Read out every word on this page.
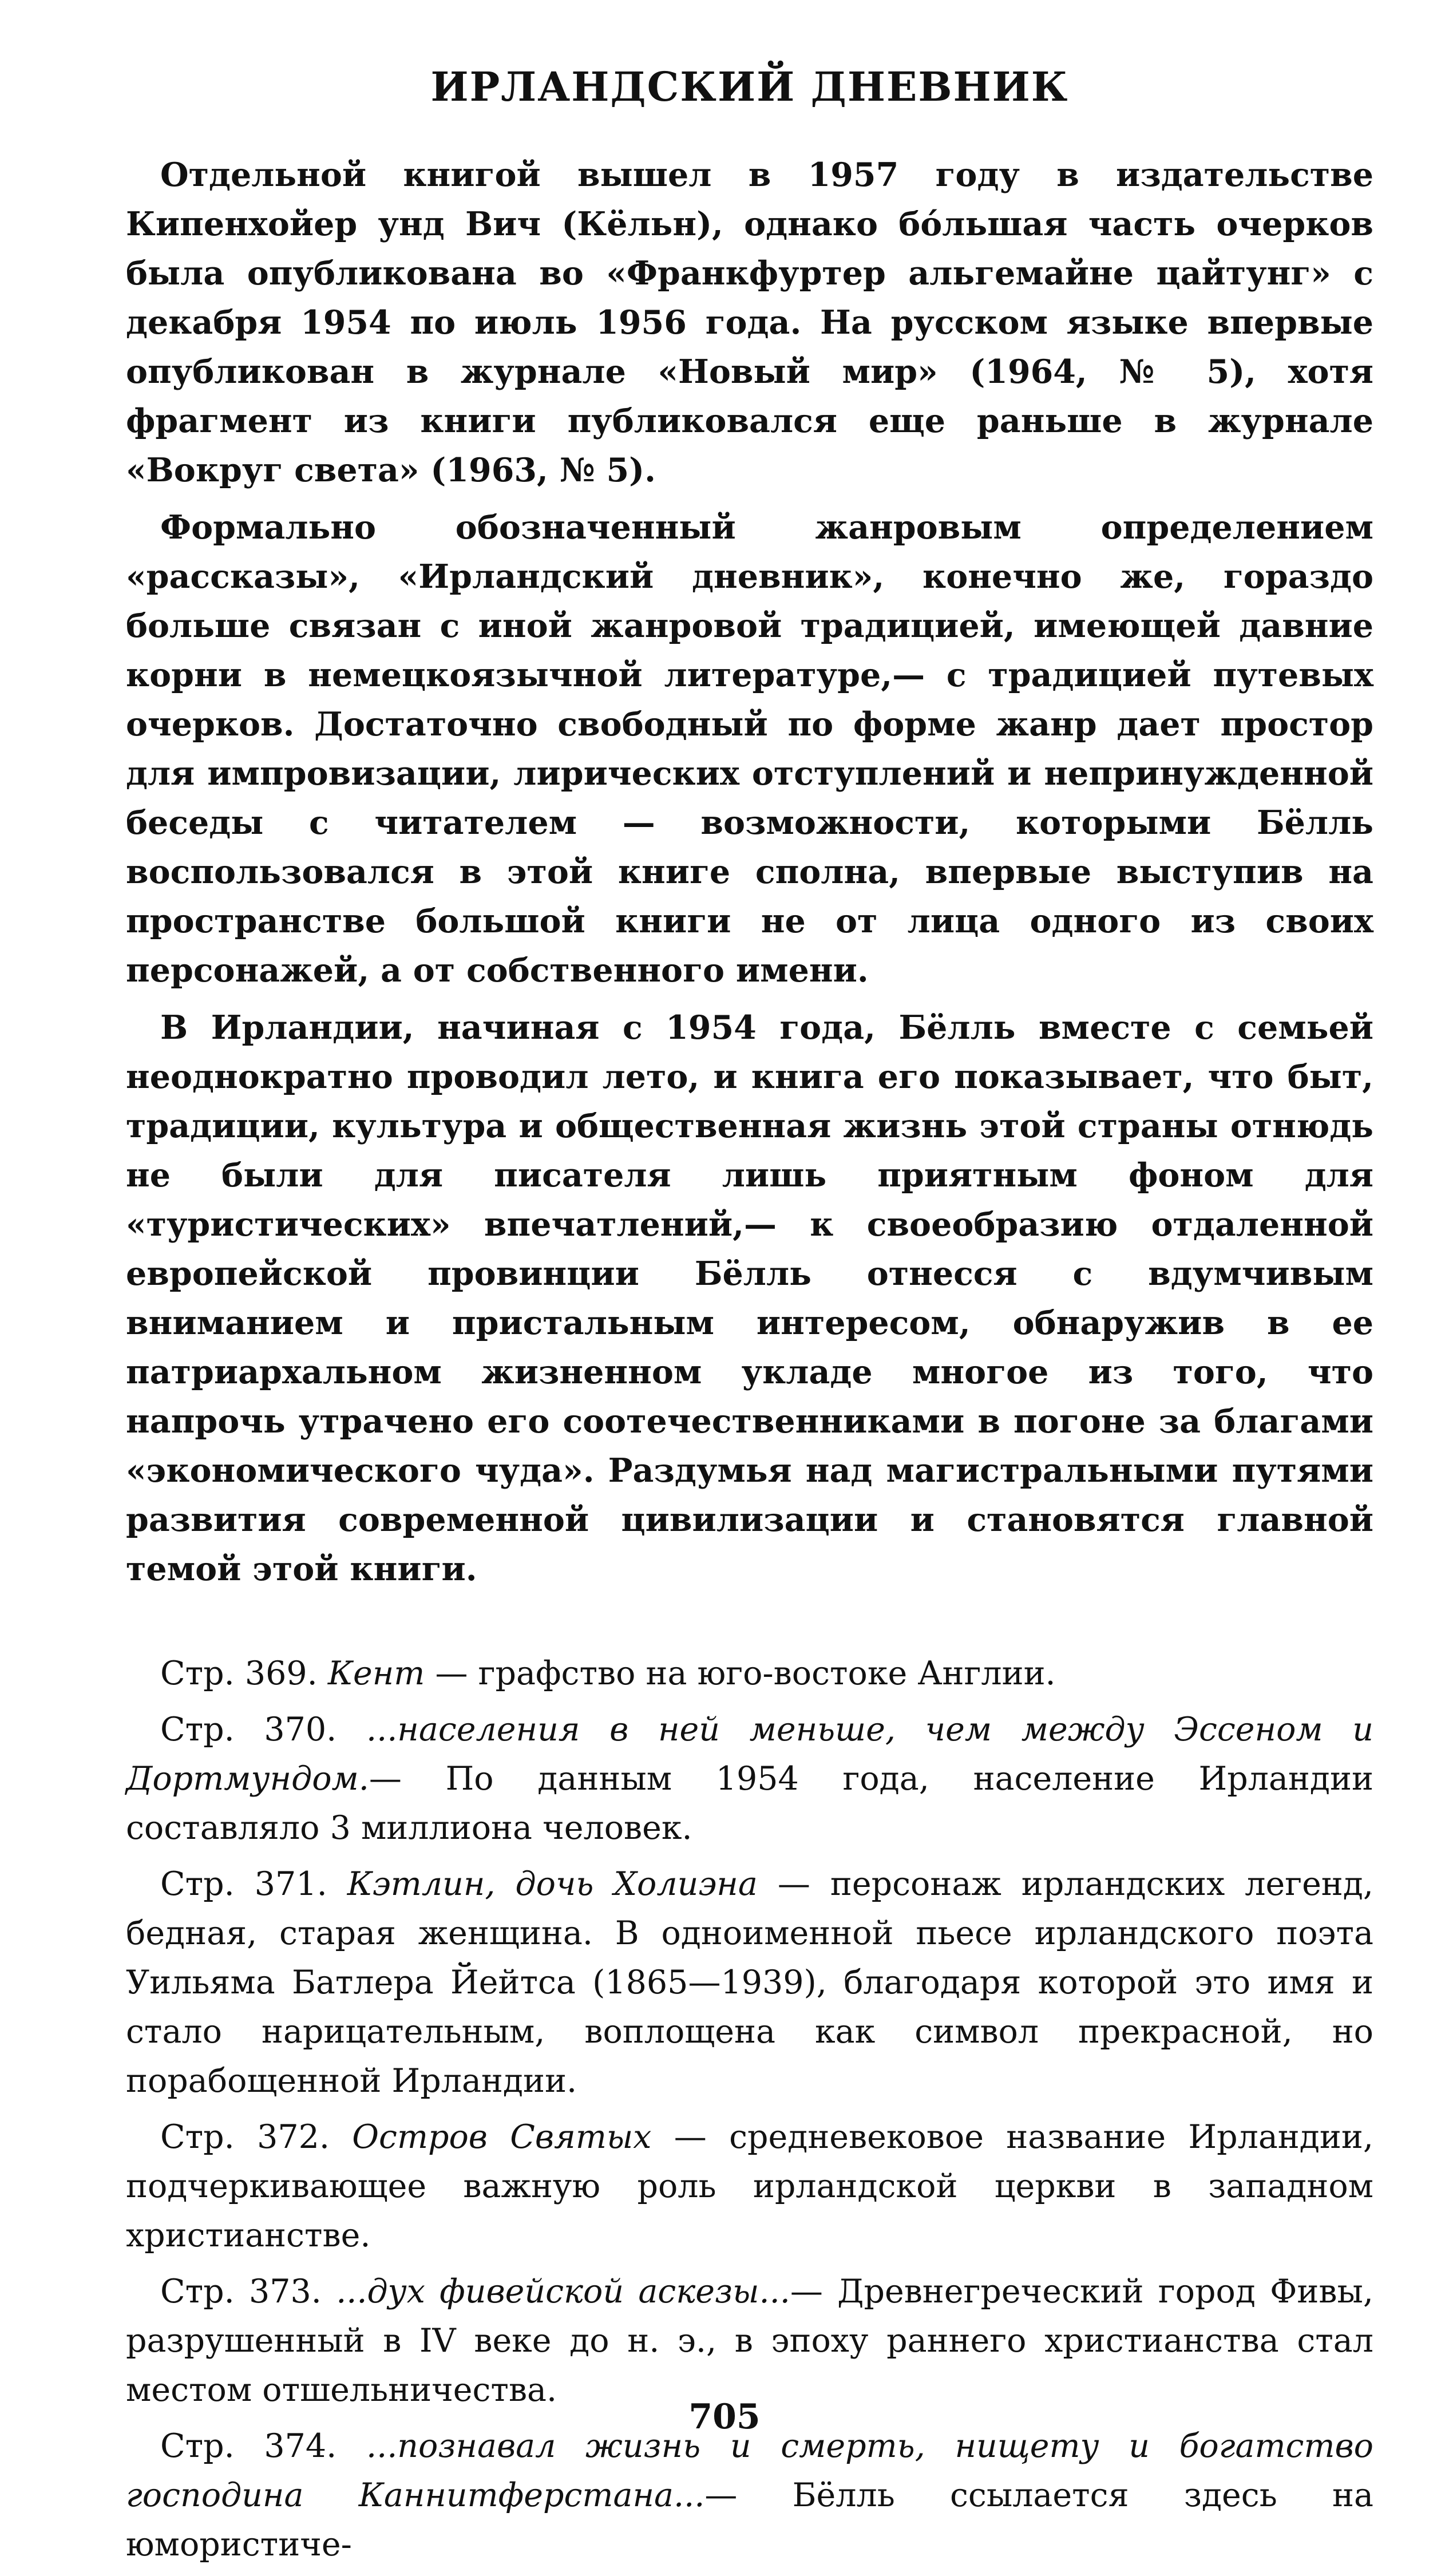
ИРЛАНДСКИЙ ДНЕВНИК

Отдельной книгой вышел в 1957 году в издательстве Кипенхойер унд Вич (Кёльн), однако бóльшая часть очерков была опубликована во «Франкфуртер альгемайне цайтунг» с декабря 1954 по июль 1956 года. На русском языке впервые опубликован в журнале «Новый мир» (1964, № 5), хотя фрагмент из книги публиковался еще раньше в журнале «Вокруг света» (1963, № 5).

Формально обозначенный жанровым определением «рассказы», «Ирландский дневник», конечно же, гораздо больше связан с иной жанровой традицией, имеющей давние корни в немецкоязычной литературе,— с традицией путевых очерков. Достаточно свободный по форме жанр дает простор для импровизации, лирических отступлений и непринужденной беседы с читателем — возможности, которыми Бёлль воспользовался в этой книге сполна, впервые выступив на пространстве большой книги не от лица одного из своих персонажей, а от собственного имени.

В Ирландии, начиная с 1954 года, Бёлль вместе с семьей неоднократно проводил лето, и книга его показывает, что быт, традиции, культура и общественная жизнь этой страны отнюдь не были для писателя лишь приятным фоном для «туристических» впечатлений,— к своеобразию отдаленной европейской провинции Бёлль отнесся с вдумчивым вниманием и пристальным интересом, обнаружив в ее патриархальном жизненном укладе многое из того, что напрочь утрачено его соотечественниками в погоне за благами «экономического чуда». Раздумья над магистральными путями развития современной цивилизации и становятся главной темой этой книги.

Стр. 369. Кент — графство на юго-востоке Англии.

Стр. 370. ...населения в ней меньше, чем между Эссеном и Дортмундом.— По данным 1954 года, население Ирландии составляло 3 миллиона человек.

Стр. 371. Кэтлин, дочь Холиэна — персонаж ирландских легенд, бедная, старая женщина. В одноименной пьесе ирландского поэта Уильяма Батлера Йейтса (1865—1939), благодаря которой это имя и стало нарицательным, воплощена как символ прекрасной, но порабощенной Ирландии.

Стр. 372. Остров Святых — средневековое название Ирландии, подчеркивающее важную роль ирландской церкви в западном христианстве.

Стр. 373. ...дух фивейской аскезы...— Древнегреческий город Фивы, разрушенный в IV веке до н. э., в эпоху раннего христианства стал местом отшельничества.

Стр. 374. ...познавал жизнь и смерть, нищету и богатство господина Каннитферстана...— Бёлль ссылается здесь на юмористиче-

705
